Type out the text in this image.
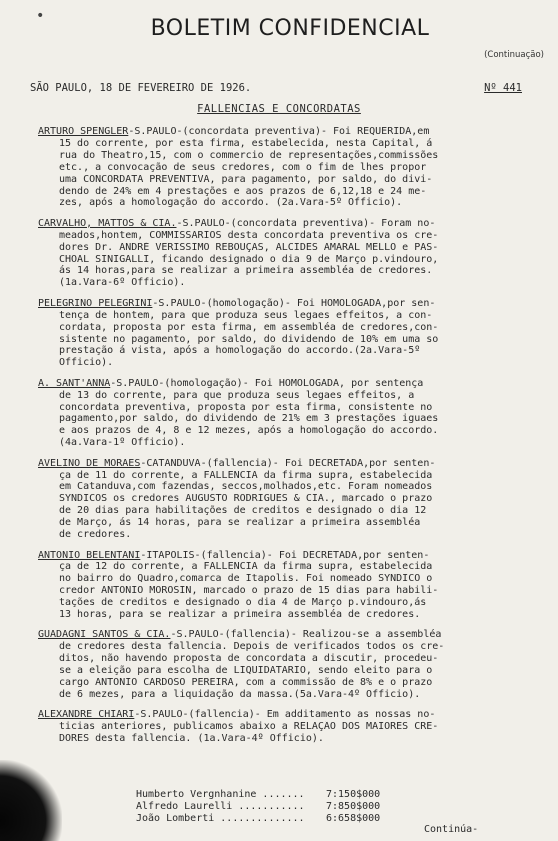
•	BOLETIM CONFIDENCIAL
(Continuação)
SÃO PAULO, 18 DE FEVEREIRO DE 1926.	Nº 441
FALLENCIAS E CONCORDATAS
ARTURO SPENGLER-S.PAULO-(concordata preventiva)- Foi REQUERIDA,em
15 do corrente, por esta firma, estabelecida, nesta Capital, á
rua do Theatro,15, com o commercio de representações,commissões
etc., a convocação de seus credores, com o fim de lhes propor
uma CONCORDATA PREVENTIVA, para pagamento, por saldo, do divi-
dendo de 24% em 4 prestações e aos prazos de 6,12,18 e 24 me-
zes, após a homologação do accordo. (2a.Vara-5º Officio).
CARVALHO, MATTOS & CIA.-S.PAULO-(concordata preventiva)- Foram no-
meados,hontem, COMMISSARIOS desta concordata preventiva os cre-
dores Dr. ANDRÉ VERISSIMO REBOUÇAS, ALCIDES AMARAL MELLO e PAS-
CHOAL SINIGALLI, ficando designado o dia 9 de Março p.vindouro,
ás 14 horas,para se realizar a primeira assembléa de credores.
(1a.Vara-6º Officio).
PELEGRINO PELEGRINI-S.PAULO-(homologação)- Foi HOMOLOGADA,por sen-
tença de hontem, para que produza seus legaes effeitos, a con-
cordata, proposta por esta firma, em assembléa de credores,con-
sistente no pagamento, por saldo, do dividendo de 10% em uma so
prestação á vista, após a homologação do accordo.(2a.Vara-5º
Officio).
A. SANT'ANNA-S.PAULO-(homologação)- Foi HOMOLOGADA, por sentença
de 13 do corrente, para que produza seus legaes effeitos, a
concordata preventiva, proposta por esta firma, consistente no
pagamento,por saldo, do dividendo de 21% em 3 prestações iguaes
e aos prazos de 4, 8 e 12 mezes, após a homologação do accordo.
(4a.Vara-1º Officio).
AVELINO DE MORAES-CATANDUVA-(fallencia)- Foi DECRETADA,por senten-
ça de 11 do corrente, a FALLENCIA da firma supra, estabelecida
em Catanduva,com fazendas, seccos,molhados,etc. Foram nomeados
SYNDICOS os credores AUGUSTO RODRIGUES & CIA., marcado o prazo
de 20 dias para habilitações de creditos e designado o dia 12
de Março, ás 14 horas, para se realizar a primeira assembléa
de credores.
ANTONIO BELENTANI-ITAPOLIS-(fallencia)- Foi DECRETADA,por senten-
ça de 12 do corrente, a FALLENCIA da firma supra, estabelecida
no bairro do Quadro,comarca de Itapolis. Foi nomeado SYNDICO o
credor ANTONIO MOROSIN, marcado o prazo de 15 dias para habili-
tações de creditos e designado o dia 4 de Março p.vindouro,ás
13 horas, para se realizar a primeira assembléa de credores.
GUADAGNI SANTOS & CIA.-S.PAULO-(fallencia)- Realizou-se a assembléa
de credores desta fallencia. Depois de verificados todos os cre-
ditos, não havendo proposta de concordata a discutir, procedeu-
se a eleição para escolha de LIQUIDATARIO, sendo eleito para o
cargo ANTONIO CARDOSO PEREIRA, com a commissão de 8% e o prazo
de 6 mezes, para a liquidação da massa.(5a.Vara-4º Officio).
ALEXANDRE CHIARI-S.PAULO-(fallencia)- Em additamento as nossas no-
ticias anteriores, publicamos abaixo a RELAÇÃO DOS MAIORES CRE-
DORES desta fallencia. (1a.Vara-4º Officio).
Humberto Vergnhanine ....... 7:150$000
Alfredo Laurelli ........... 7:850$000
João Lomberti .............. 6:658$000
Continúa-
